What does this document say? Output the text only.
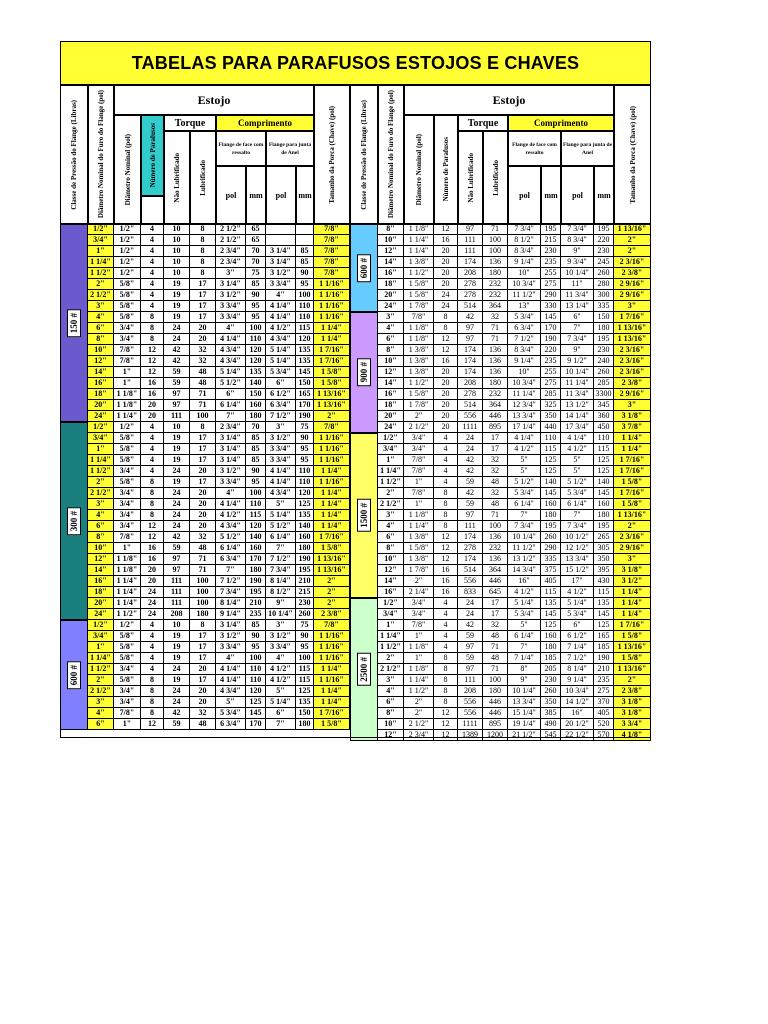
TABELAS PARA PARAFUSOS ESTOJOS E CHAVES
Classe de Pressão do Flange (Libras)	Diâmetro Nominal do Furo do Flange (pol)	Estojo
Diâmetro Nominal (pol) Número de Parafusos
Torque
Não Lubrificado	Lubrificado
Comprimento
Flange de face com ressalto
Flange para junta de Anel
pol mm pol mm Tamanho da Porca (Chave) (pol)	Classe de Pressão do Flange (Libras)	Diâmetro Nominal do Furo do Flange (pol)	Estojo
Diâmetro Nominal (pol)	Número de Parafusos
Torque
Não Lubrificado Lubrificado
Comprimento
Flange de face com ressalto
Flange para junta de Anel
pol mm pol mm	Tamanho da Porca (Chave) (pol)
150 #
1/2"	1/2"	4	10	8	2 1/2"	65	7/8"
3/4"	1/2"	4	10	8	2 1/2"	65	7/8"
1"	1/2"	4	10	8	2 3/4"	70	3 1/4"	85	7/8"
1 1/4"	1/2"	4	10	8	2 3/4"	70	3 1/4"	85	7/8"
1 1/2"	1/2"	4	10	8	3"	75	3 1/2"	90	7/8"
2"	5/8"	4	19	17	3 1/4"	85	3 3/4"	95	1 1/16"
2 1/2"	5/8"	4	19	17	3 1/2"	90	4"	100	1 1/16"
3"	5/8"	4	19	17	3 3/4"	95	4 1/4" 110	1 1/16"
4"	5/8"	8	19	17	3 3/4"	95	4 1/4" 110	1 1/16"
6"	3/4"	8	24	20	4"	100	4 1/2" 115	1 1/4"
8"	3/4"	8	24	20	4 1/4"	110	4 3/4" 120	1 1/4"
10"	7/8"	12	42	32	4 3/4"	120	5 1/4" 135	1 7/16"
12"	7/8"	12	42	32	4 3/4"	120	5 1/4" 135	1 7/16"
14"	1"	12	59	48	5 1/4"	135	5 3/4" 145	1 5/8"
16"	1"	16	59	48	5 1/2"	140	6"	150	1 5/8"
18"	1 1/8"	16	97	71	6"	150	6 1/2" 165 1 13/16"
20"	1 1/8"	20	97	71	6 1/4"	160	6 3/4" 170 1 13/16"
24"	1 1/4"	20	111	100	7"	180	7 1/2" 190	2"
300 #
1/2"	1/2"	4	10	8	2 3/4"	70	3"	75	7/8"
3/4"	5/8"	4	19	17	3 1/4"	85	3 1/2"	90	1 1/16"
1"	5/8"	4	19	17	3 1/4"	85	3 3/4"	95	1 1/16"
1 1/4"	5/8"	4	19	17	3 1/4"	85	3 3/4"	95	1 1/16"
1 1/2"	3/4"	4	24	20	3 1/2"	90	4 1/4" 110	1 1/4"
2"	5/8"	8	19	17	3 3/4"	95	4 1/4" 110	1 1/16"
2 1/2"	3/4"	8	24	20	4"	100	4 3/4" 120	1 1/4"
3"	3/4"	8	24	20	4 1/4"	110	5"	125	1 1/4"
4"	3/4"	8	24	20	4 1/2"	115	5 1/4" 135	1 1/4"
6"	3/4"	12	24	20	4 3/4"	120	5 1/2" 140	1 1/4"
8"	7/8"	12	42	32	5 1/2"	140	6 1/4" 160	1 7/16"
10"	1"	16	59	48	6 1/4"	160	7"	180	1 5/8"
12"	1 1/8"	16	97	71	6 3/4"	170	7 1/2" 190 1 13/16"
14"	1 1/8"	20	97	71	7"	180	7 3/4" 195 1 13/16"
16"	1 1/4"	20	111	100	7 1/2"	190	8 1/4" 210	2"
18"	1 1/4"	24	111	100	7 3/4"	195	8 1/2" 215	2"
20"	1 1/4"	24	111	100	8 1/4"	210	9"	230	2"
24"	1 1/2"	24	208	180	9 1/4"	235 10 1/4" 260	2 3/8"
600 #
1/2"	1/2"	4	10	8	3 1/4"	85	3"	75	7/8"
3/4"	5/8"	4	19	17	3 1/2"	90	3 1/2"	90	1 1/16"
1"	5/8"	4	19	17	3 3/4"	95	3 3/4"	95	1 1/16"
1 1/4"	5/8"	4	19	17	4"	100	4"	100	1 1/16"
1 1/2"	3/4"	4	24	20	4 1/4"	110	4 1/2" 115	1 1/4"
2"	5/8"	8	19	17	4 1/4"	110	4 1/2" 115	1 1/16"
2 1/2"	3/4"	8	24	20	4 3/4"	120	5"	125	1 1/4"
3"	3/4"	8	24	20	5"	125	5 1/4" 135	1 1/4"
4"	7/8"	8	42	32	5 3/4"	145	6"	150	1 7/16"
6"	1"	12	59	48	6 3/4"	170	7"	180	1 5/8"
600 #
8"	1 1/8"	12	97	71	7 3/4"	195	7 3/4"	195	1 13/16"
10"	1 1/4"	16	111	100	8 1/2"	215	8 3/4"	220	2"
12"	1 1/4"	20	111	100	8 3/4"	230	9"	230	2"
14"	1 3/8"	20	174	136	9 1/4"	235	9 3/4"	245	2 3/16"
16"	1 1/2"	20	208	180	10"	255	10 1/4"	260	2 3/8"
18"	1 5/8"	20	278	232	10 3/4"	275	11"	280	2 9/16"
20"	1 5/8"	24	278	232	11 1/2"	290	11 3/4"	300	2 9/16"
24"	1 7/8"	24	514	364	13"	330	13 1/4"	335	3"
900 #
3"	7/8"	8	42	32	5 3/4"	145	6"	150	1 7/16"
4"	1 1/8"	8	97	71	6 3/4"	170	7"	180	1 13/16"
6"	1 1/8"	12	97	71	7 1/2"	190	7 3/4"	195	1 13/16"
8"	1 3/8"	12	174	136	8 3/4"	220	9"	230	2 3/16"
10"	1 3/8"	16	174	136	9 1/4"	235	9 1/2"	240	2 3/16"
12"	1 3/8"	20	174	136	10"	255	10 1/4"	260	2 3/16"
14"	1 1/2"	20	208	180	10 3/4"	275	11 1/4"	285	2 3/8"
16"	1 5/8"	20	278	232	11 1/4"	285	11 3/4" 3300	2 9/16"
18"	1 7/8"	20	514	364	12 3/4"	325	13 1/2"	345	3"
20"	2"	20	556	446	13 3/4"	350	14 1/4"	360	3 1/8"
24"	2 1/2"	20	1111	895	17 1/4"	440	17 3/4"	450	3 7/8"
1500 #
1/2"	3/4"	4	24	17	4 1/4"	110	4 1/4"	110	1 1/4"
3/4"	3/4"	4	24	17	4 1/2"	115	4 1/2"	115	1 1/4"
1"	7/8"	4	42	32	5"	125	5"	125	1 7/16"
1 1/4"	7/8"	4	42	32	5"	125	5"	125	1 7/16"
1 1/2"	1"	4	59	48	5 1/2"	140	5 1/2"	140	1 5/8"
2"	7/8"	8	42	32	5 3/4"	145	5 3/4"	145	1 7/16"
2 1/2"	1"	8	59	48	6 1/4"	160	6 1/4"	160	1 5/8"
3"	1 1/8"	8	97	71	7"	180	7"	180	1 13/16"
4"	1 1/4"	8	111	100	7 3/4"	195	7 3/4"	195	2"
6"	1 3/8"	12	174	136	10 1/4"	260	10 1/2"	265	2 3/16"
8"	1 5/8"	12	278	232	11 1/2"	290	12 1/2"	305	2 9/16"
10"	1 3/8"	12	174	136	13 1/2"	335	13 3/4"	350	3"
12"	1 7/8"	16	514	364	14 3/4"	375	15 1/2"	395	3 1/8"
14"	2"	16	556	446	16"	405	17"	430	3 1/2"
16"	2 1/4"	16	833	645	4 1/2"	115	4 1/2"	115	1 1/4"
2500 #
1/2"	3/4"	4	24	17	5 1/4"	135	5 1/4"	135	1 1/4"
3/4"	3/4"	4	24	17	5 3/4"	145	5 3/4"	145	1 1/4"
1"	7/8"	4	42	32	5"	125	6"	125	1 7/16"
1 1/4"	1"	4	59	48	6 1/4"	160	6 1/2"	165	1 5/8"
1 1/2" 1 1/8"	4	97	71	7"	180	7 1/4"	185	1 13/16"
2"	1"	8	59	48	7 1/4"	185	7 1/2"	190	1 5/8"
2 1/2" 1 1/8"	8	97	71	8"	205	8 1/4"	210	1 13/16"
3"	1 1/4"	8	111	100	9"	230	9 1/4"	235	2"
4"	1 1/2"	8	208	180	10 1/4"	260	10 3/4"	275	2 3/8"
6"	2"	8	556	446	13 3/4"	350	14 1/2"	370	3 1/8"
8"	2"	12	556	446	15 1/4"	385	16"	405	3 1/8"
10"	2 1/2"	12	1111	895	19 1/4"	490	20 1/2"	520	3 3/4"
12"	2 3/4"	12	1389	1200	21 1/2"	545	22 1/2"	570	4 1/8"
